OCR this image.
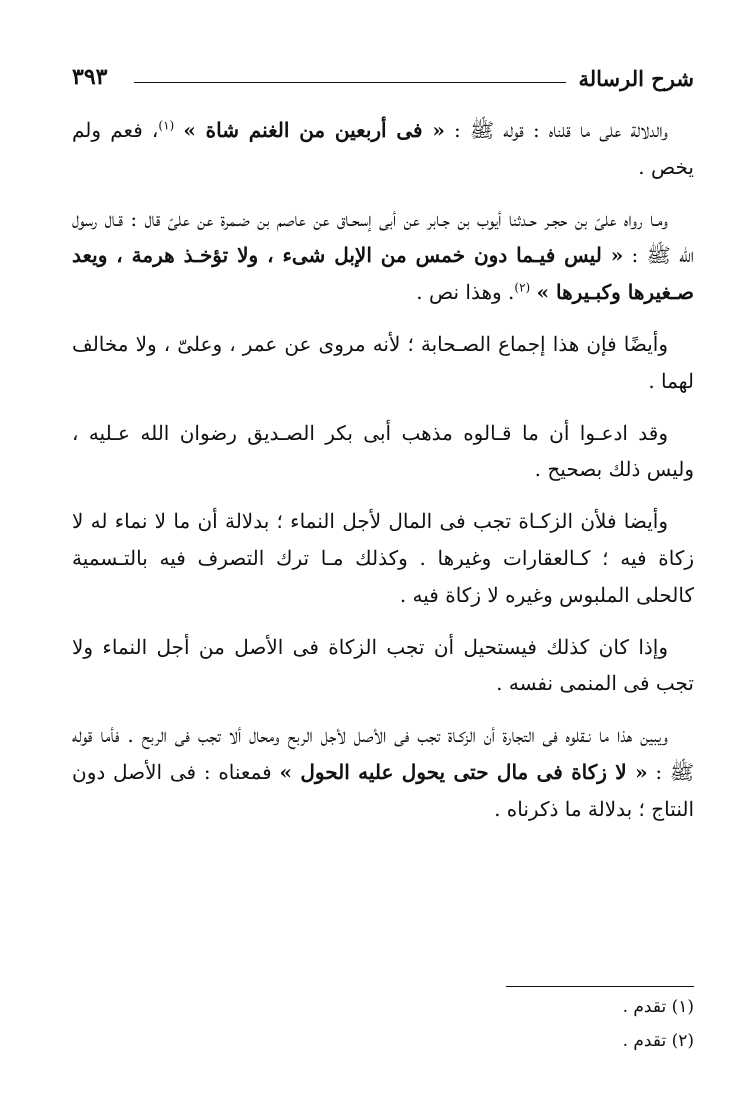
شرح الرسالة
٣٩٣

والدلالة على ما قلناه : قوله ﷺ : « فى أربعين من الغنم شاة » $^{(١)}$، فعم ولم يخص .

ومـا رواه علىّ بن حجـر حـدثنا أيوب بن جـابر عن أبى إسحـاق عن عاصم بن ضـمرة عن علىّ قال : قـال رسول الله ﷺ : « ليس فيـما دون خمس من الإبل شىء ، ولا تؤخـذ هرمة ، ويعد صـغيرها وكبـيرها » $^{(٢)}$. وهذا نص .

وأيضًا فإن هذا إجماع الصـحابة ؛ لأنه مروى عن عمر ، وعلىّ ، ولا مخالف لهما .

وقد ادعـوا أن ما قـالوه مذهب أبى بكر الصـديق رضوان الله عـليه ، وليس ذلك بصحيح .

وأيضا فلأن الزكـاة تجب فى المال لأجل النماء ؛ بدلالة أن ما لا نماء له لا زكاة فيه ؛ كـالعقارات وغيرها . وكذلك مـا ترك التصرف فيه بالتـسمية كالحلى الملبوس وغيره لا زكاة فيه .

وإذا كان كذلك فيستحيل أن تجب الزكاة فى الأصل من أجل النماء ولا تجب فى المنمى نفسه .

ويبين هذا ما نـقلوه فى التجارة أن الزكـاة تجب فى الأصل لأجل الربح ومحال ألا تجب فى الربح . فأما قوله ﷺ : « لا زكاة فى مال حتى يحول عليه الحول » فمعناه : فى الأصل دون النتاج ؛ بدلالة ما ذكرناه .

(١) تقدم .
(٢) تقدم .
